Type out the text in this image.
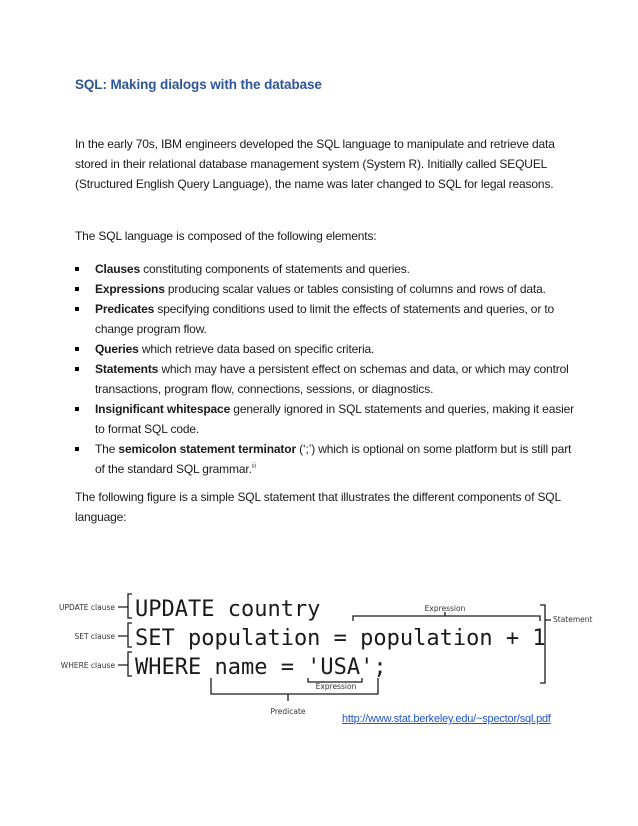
SQL: Making dialogs with the database

In the early 70s, IBM engineers developed the SQL language to manipulate and retrieve data stored in their relational database management system (System R). Initially called SEQUEL (Structured English Query Language), the name was later changed to SQL for legal reasons.

The SQL language is composed of the following elements:

Clauses constituting components of statements and queries.
Expressions producing scalar values or tables consisting of columns and rows of data.
Predicates specifying conditions used to limit the effects of statements and queries, or to change program flow.
Queries which retrieve data based on specific criteria.
Statements which may have a persistent effect on schemas and data, or which may control transactions, program flow, connections, sessions, or diagnostics.
Insignificant whitespace generally ignored in SQL statements and queries, making it easier to format SQL code.
The semicolon statement terminator (‘;’) which is optional on some platform but is still part of the standard SQL grammar.$^{iii}$

The following figure is a simple SQL statement that illustrates the different components of SQL language:

UPDATE country
SET population = population + 1
WHERE name = 'USA';
UPDATE clause
SET clause
WHERE clause
Expression
Expression
Statement
Predicate
http://www.stat.berkeley.edu/~spector/sql.pdf
